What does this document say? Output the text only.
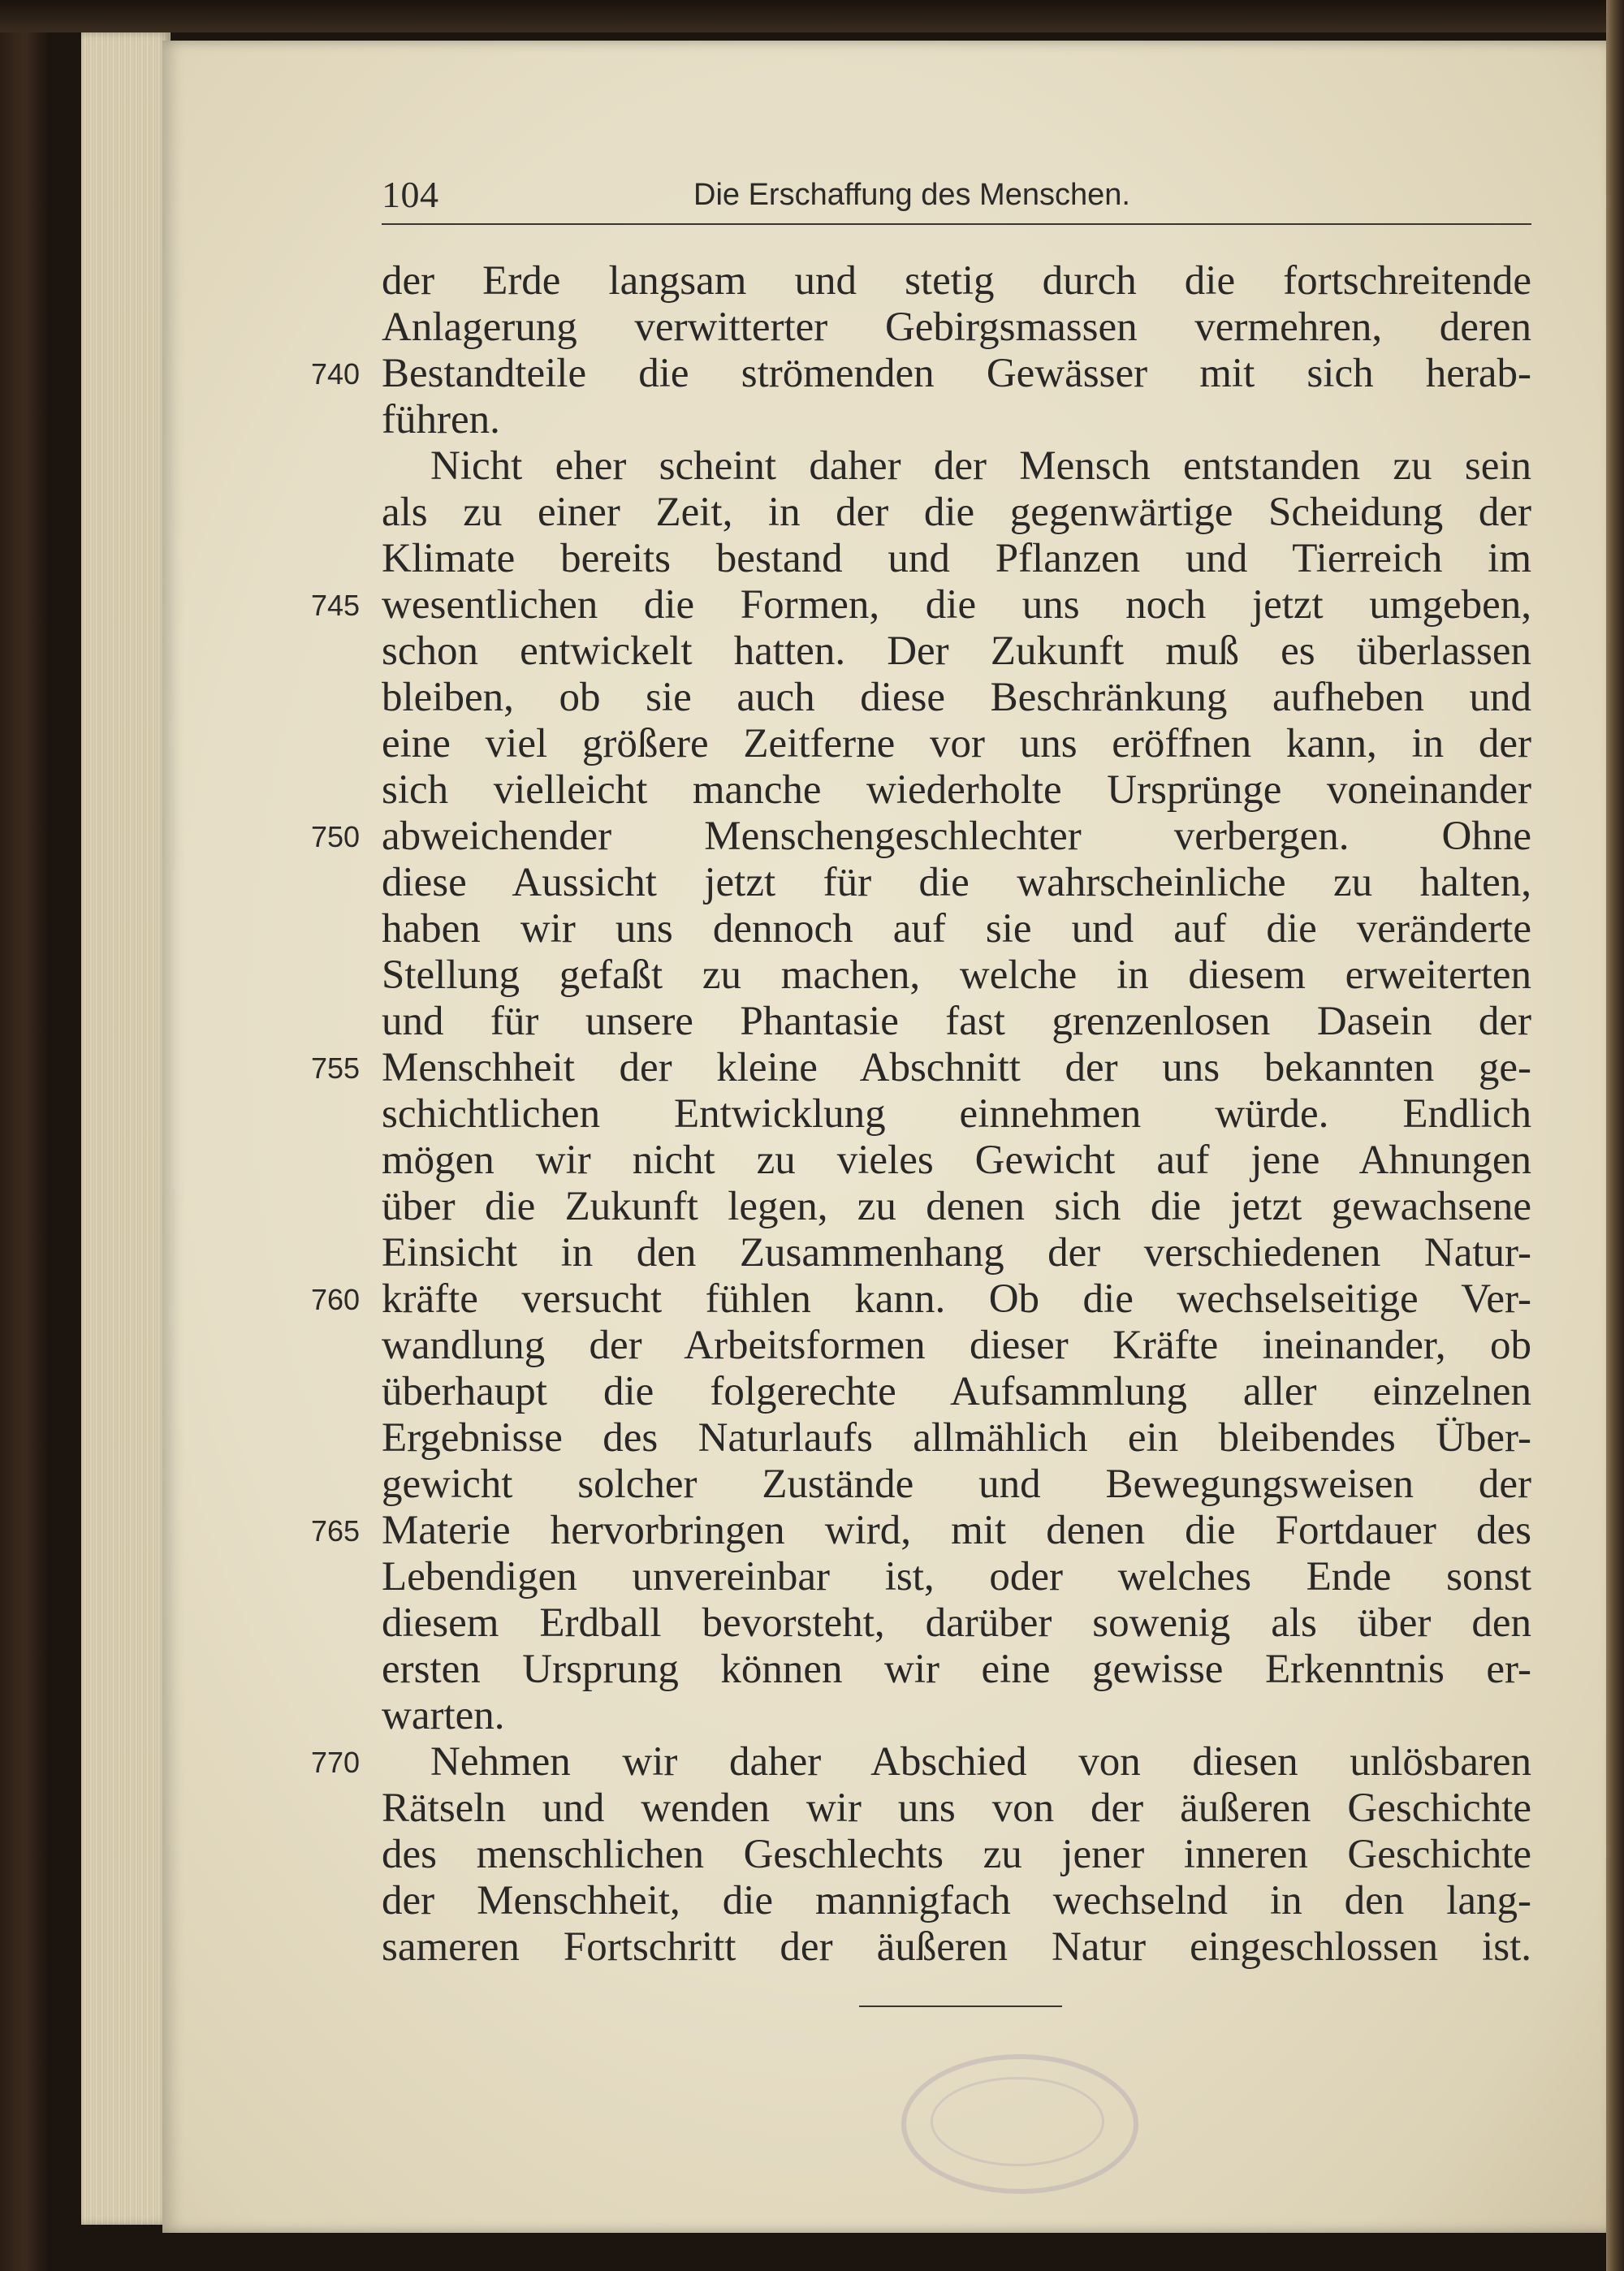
104	Die Erschaffung des Menschen.
740
745
750
755
760
765
770
der Erde langsam und stetig durch die fortschreitende
Anlagerung verwitterter Gebirgsmassen vermehren, deren
Bestandteile die strömenden Gewässer mit sich herab-
führen.
Nicht eher scheint daher der Mensch entstanden zu sein
als zu einer Zeit, in der die gegenwärtige Scheidung der
Klimate bereits bestand und Pflanzen und Tierreich im
wesentlichen die Formen, die uns noch jetzt umgeben,
schon entwickelt hatten. Der Zukunft muß es überlassen
bleiben, ob sie auch diese Beschränkung aufheben und
eine viel größere Zeitferne vor uns eröffnen kann, in der
sich vielleicht manche wiederholte Ursprünge voneinander
abweichender Menschengeschlechter verbergen. Ohne
diese Aussicht jetzt für die wahrscheinliche zu halten,
haben wir uns dennoch auf sie und auf die veränderte
Stellung gefaßt zu machen, welche in diesem erweiterten
und für unsere Phantasie fast grenzenlosen Dasein der
Menschheit der kleine Abschnitt der uns bekannten ge-
schichtlichen Entwicklung einnehmen würde. Endlich
mögen wir nicht zu vieles Gewicht auf jene Ahnungen
über die Zukunft legen, zu denen sich die jetzt gewachsene
Einsicht in den Zusammenhang der verschiedenen Natur-
kräfte versucht fühlen kann. Ob die wechselseitige Ver-
wandlung der Arbeitsformen dieser Kräfte ineinander, ob
überhaupt die folgerechte Aufsammlung aller einzelnen
Ergebnisse des Naturlaufs allmählich ein bleibendes Über-
gewicht solcher Zustände und Bewegungsweisen der
Materie hervorbringen wird, mit denen die Fortdauer des
Lebendigen unvereinbar ist, oder welches Ende sonst
diesem Erdball bevorsteht, darüber sowenig als über den
ersten Ursprung können wir eine gewisse Erkenntnis er-
warten.
Nehmen wir daher Abschied von diesen unlösbaren
Rätseln und wenden wir uns von der äußeren Geschichte
des menschlichen Geschlechts zu jener inneren Geschichte
der Menschheit, die mannigfach wechselnd in den lang-
sameren Fortschritt der äußeren Natur eingeschlossen ist.
